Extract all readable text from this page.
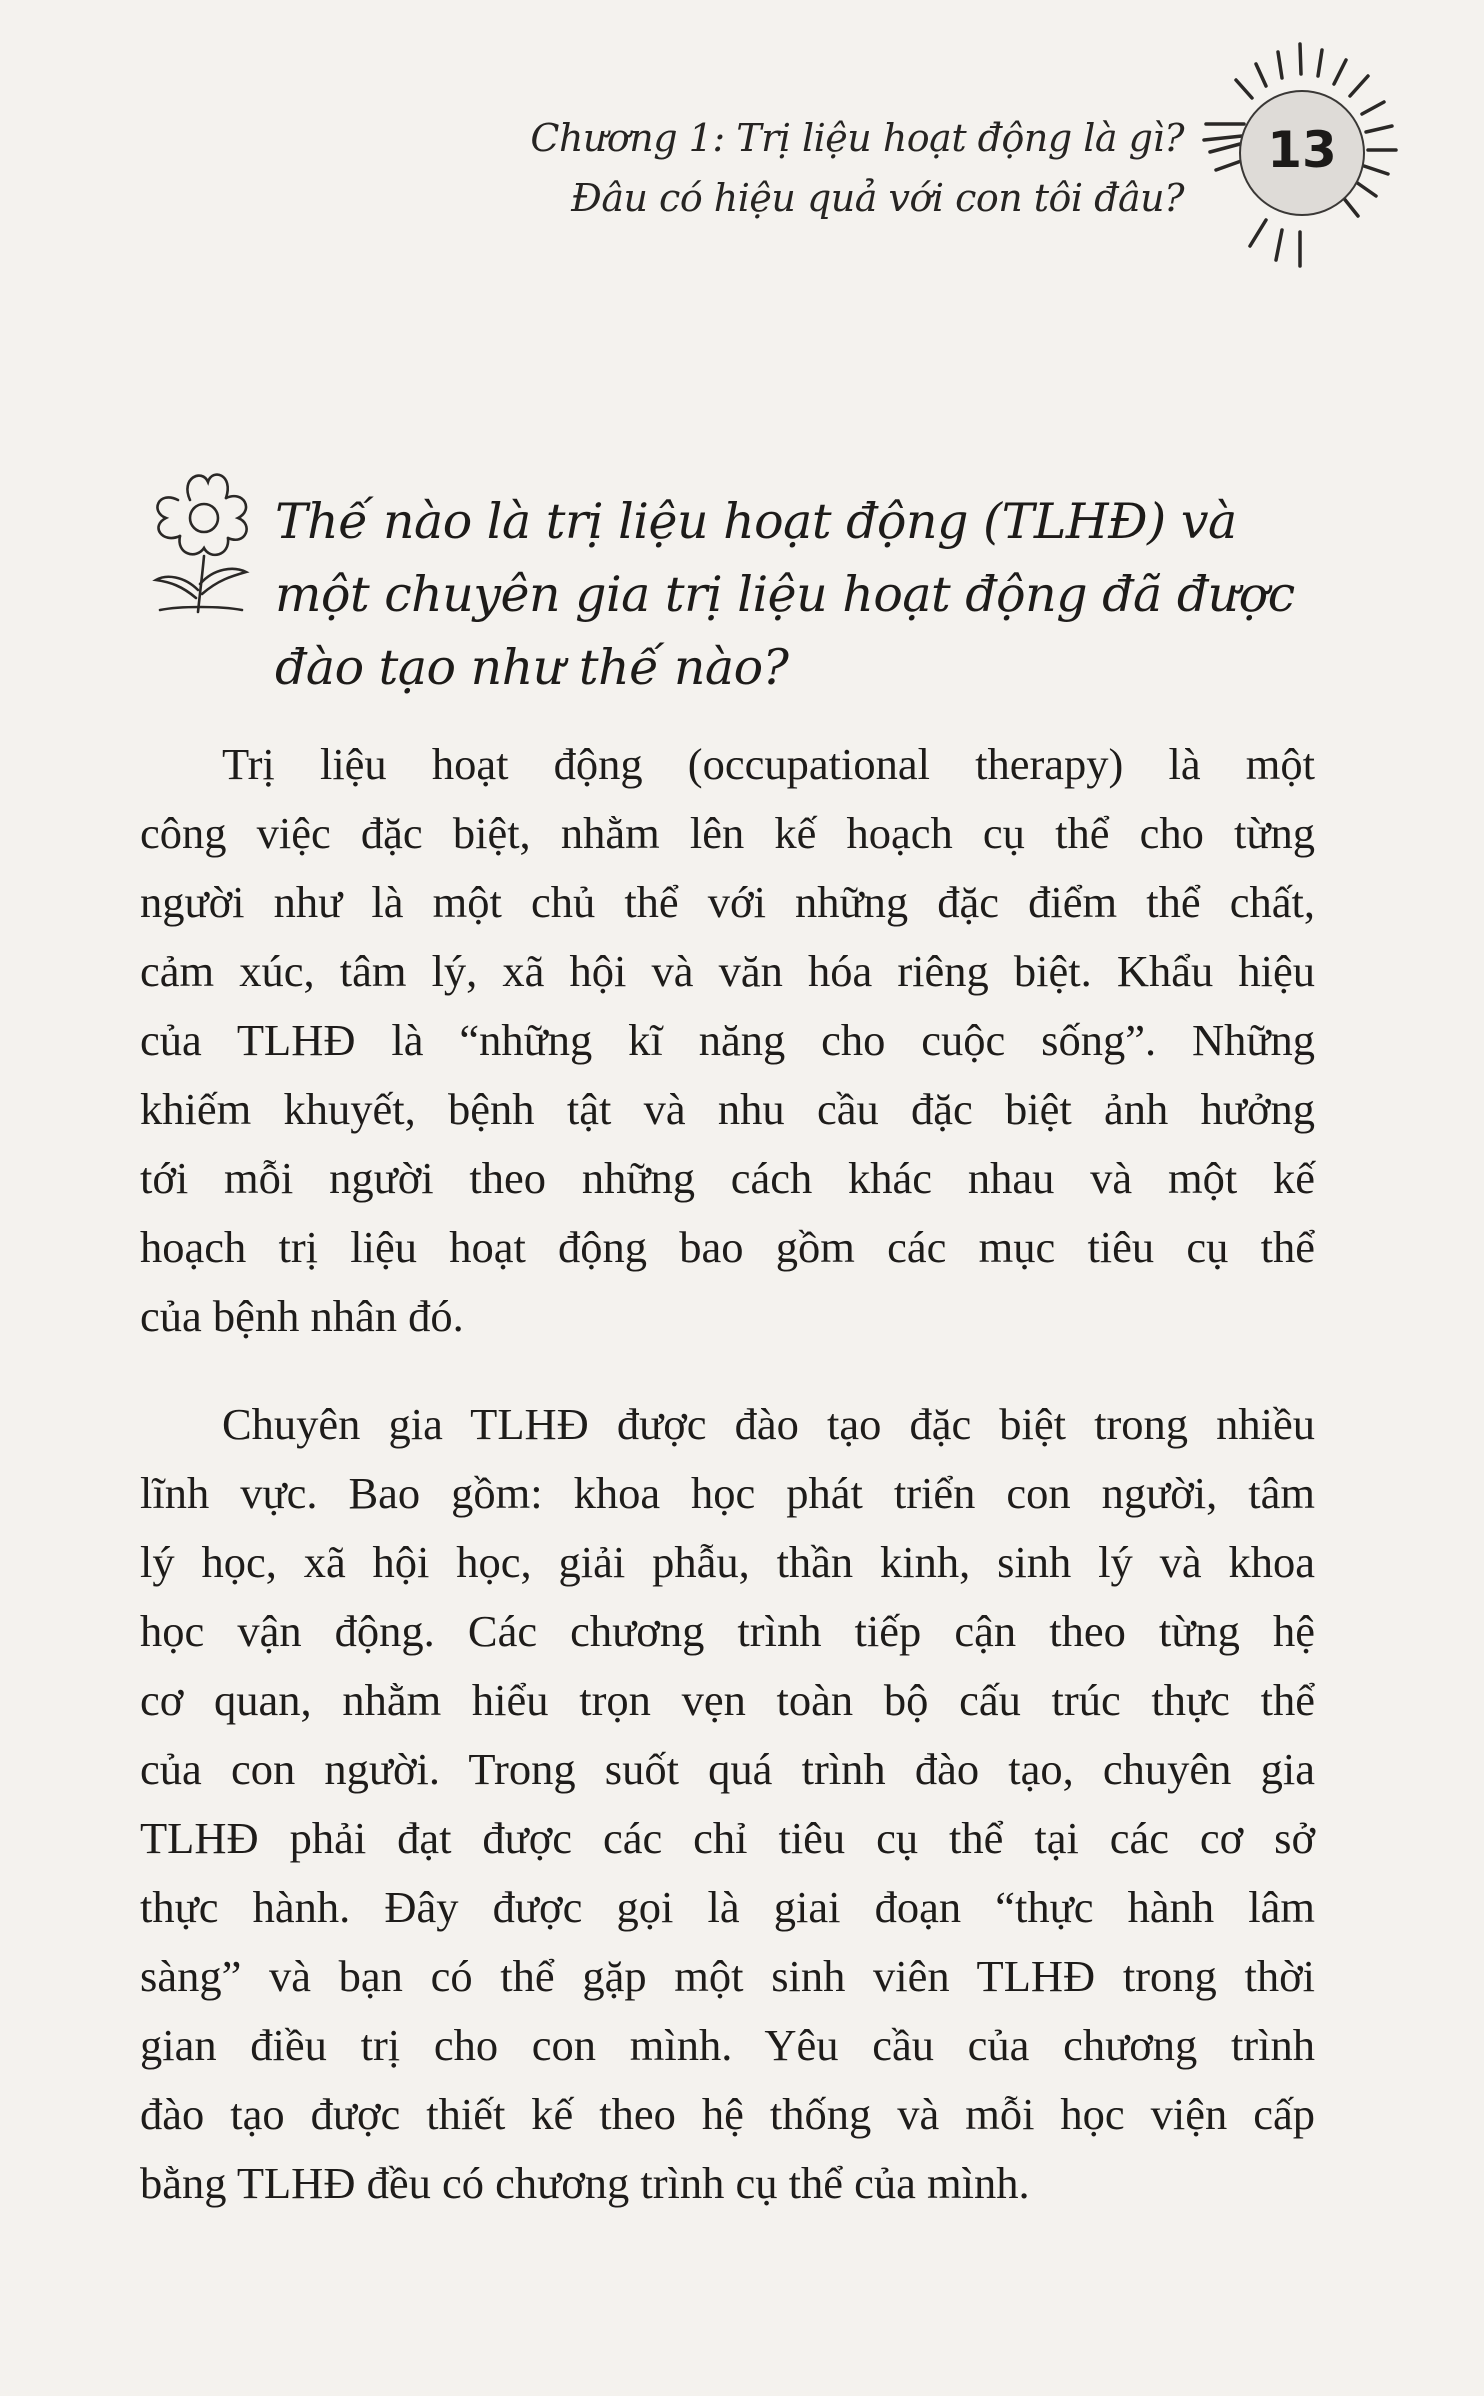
Chương 1: Trị liệu hoạt động là gì?
Đâu có hiệu quả với con tôi đâu?
13
Thế nào là trị liệu hoạt động (TLHĐ) và
một chuyên gia trị liệu hoạt động đã được
đào tạo như thế nào?
Trị liệu hoạt động (occupational therapy) là một
công việc đặc biệt, nhằm lên kế hoạch cụ thể cho từng
người như là một chủ thể với những đặc điểm thể chất,
cảm xúc, tâm lý, xã hội và văn hóa riêng biệt. Khẩu hiệu
của TLHĐ là “những kĩ năng cho cuộc sống”. Những
khiếm khuyết, bệnh tật và nhu cầu đặc biệt ảnh hưởng
tới mỗi người theo những cách khác nhau và một kế
hoạch trị liệu hoạt động bao gồm các mục tiêu cụ thể
của bệnh nhân đó.
Chuyên gia TLHĐ được đào tạo đặc biệt trong nhiều
lĩnh vực. Bao gồm: khoa học phát triển con người, tâm
lý học, xã hội học, giải phẫu, thần kinh, sinh lý và khoa
học vận động. Các chương trình tiếp cận theo từng hệ
cơ quan, nhằm hiểu trọn vẹn toàn bộ cấu trúc thực thể
của con người. Trong suốt quá trình đào tạo, chuyên gia
TLHĐ phải đạt được các chỉ tiêu cụ thể tại các cơ sở
thực hành. Đây được gọi là giai đoạn “thực hành lâm
sàng” và bạn có thể gặp một sinh viên TLHĐ trong thời
gian điều trị cho con mình. Yêu cầu của chương trình
đào tạo được thiết kế theo hệ thống và mỗi học viện cấp
bằng TLHĐ đều có chương trình cụ thể của mình.
